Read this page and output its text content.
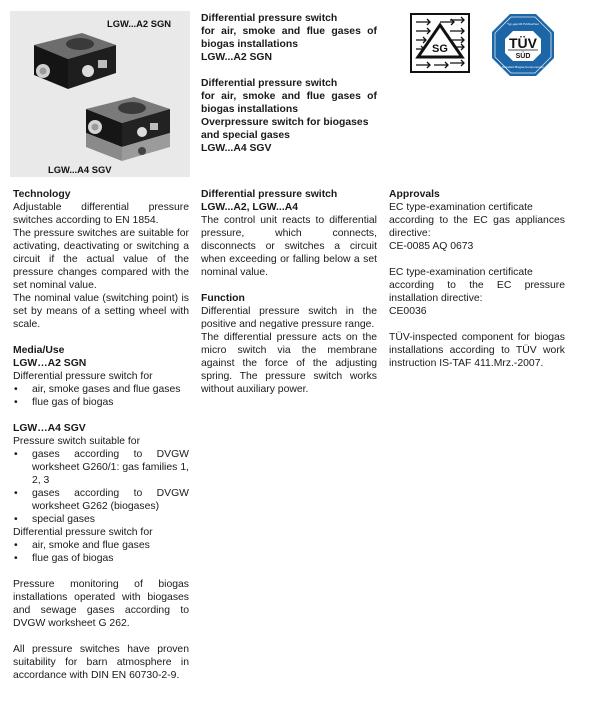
LGW...A2 SGN
LGW...A4 SGV

Differential pressure switch

for air, smoke and flue gases of

biogas installations

LGW...A2 SGN

Differential pressure switch

for air, smoke and flue gases of

biogas installations

Overpressure switch for biogases

and special gases

LGW...A4 SGV

SG	TÜV
SÜD
Standard Biogas-Komponenten
Typ-geprüft Prüfzeichen

Technology

Adjustable differential pressure switches according to EN 1854.

The pressure switches are suitable for activating, deactivating or switching a circuit if the actual value of the pressure changes compared with the set nominal value.

The nominal value (switching point) is set by means of a setting wheel with scale.

Media/Use

LGW…A2 SGN

Differential pressure switch for

• air, smoke gases and flue gases
• flue gas of biogas

LGW…A4 SGV

Pressure switch suitable for

• gases according to DVGW worksheet G260/1: gas families 1, 2, 3
• gases according to DVGW worksheet G262 (biogases)
• special gases

Differential pressure switch for

• air, smoke and flue gases
• flue gas of biogas

Pressure monitoring of biogas installations operated with biogases and sewage gases according to DVGW worksheet G 262.

All pressure switches have proven suitability for barn atmosphere in accordance with DIN EN 60730-2-9.

Differential pressure switch

LGW...A2, LGW...A4

The control unit reacts to differential pressure, which connects, disconnects or switches a circuit when exceeding or falling below a set nominal value.

Function

Differential pressure switch in the positive and negative pressure range.

The differential pressure acts on the micro switch via the membrane against the force of the adjusting spring. The pressure switch works without auxiliary power.

Approvals

EC type-examination certificate

according to the EC gas appliances directive:

CE-0085 AQ 0673

EC type-examination certificate

according to the EC pressure installation directive:

CE0036

TÜV-inspected component for biogas installations according to TÜV work instruction IS-TAF 411.Mrz.-2007.
